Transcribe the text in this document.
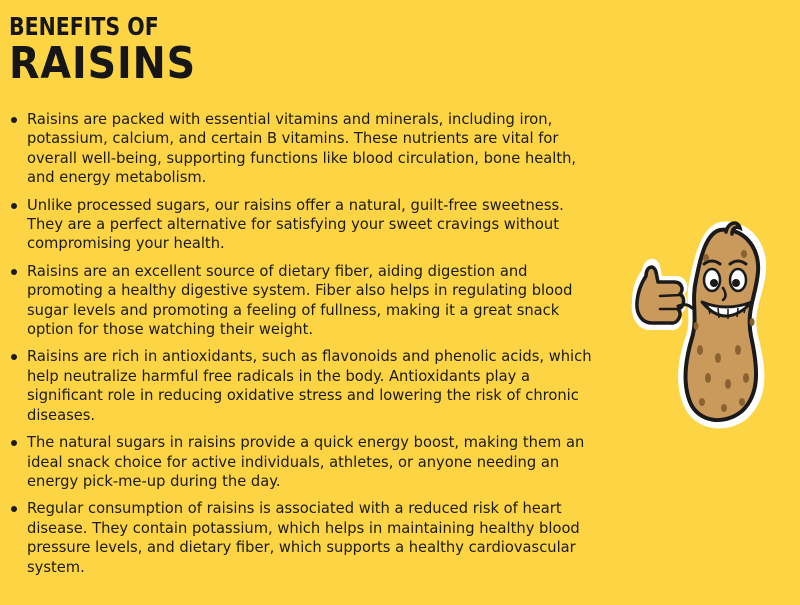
BENEFITS OF
RAISINS
Raisins are packed with essential vitamins and minerals, including iron, potassium, calcium, and certain B vitamins. These nutrients are vital for overall well-being, supporting functions like blood circulation, bone health, and energy metabolism.
Unlike processed sugars, our raisins offer a natural, guilt-free sweetness. They are a perfect alternative for satisfying your sweet cravings without compromising your health.
Raisins are an excellent source of dietary fiber, aiding digestion and promoting a healthy digestive system. Fiber also helps in regulating blood sugar levels and promoting a feeling of fullness, making it a great snack option for those watching their weight.
Raisins are rich in antioxidants, such as flavonoids and phenolic acids, which help neutralize harmful free radicals in the body. Antioxidants play a significant role in reducing oxidative stress and lowering the risk of chronic diseases.
The natural sugars in raisins provide a quick energy boost, making them an ideal snack choice for active individuals, athletes, or anyone needing an energy pick-me-up during the day.
Regular consumption of raisins is associated with a reduced risk of heart disease. They contain potassium, which helps in maintaining healthy blood pressure levels, and dietary fiber, which supports a healthy cardiovascular system.
